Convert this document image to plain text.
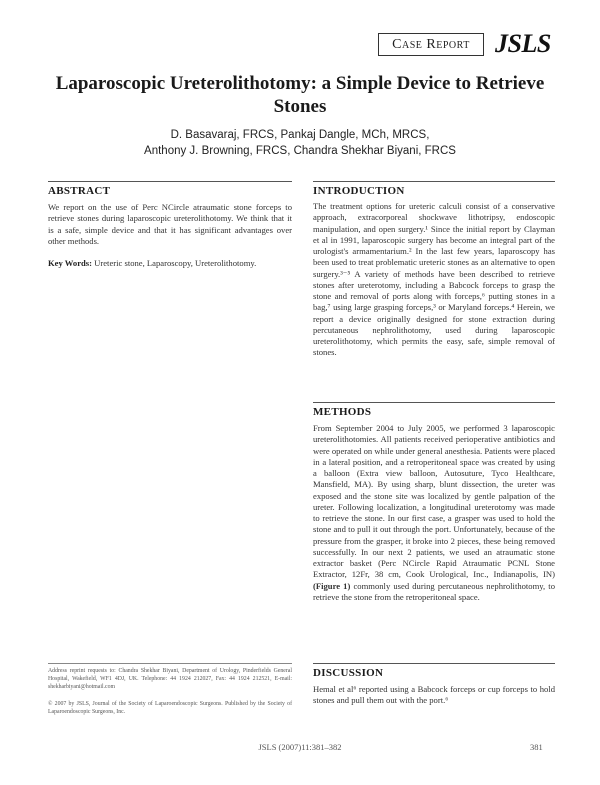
Case Report JSLS
Laparoscopic Ureterolithotomy: a Simple Device to Retrieve Stones
D. Basavaraj, FRCS, Pankaj Dangle, MCh, MRCS,
Anthony J. Browning, FRCS, Chandra Shekhar Biyani, FRCS
ABSTRACT
We report on the use of Perc NCircle atraumatic stone forceps to retrieve stones during laparoscopic ureterolithotomy. We think that it is a safe, simple device and that it has significant advantages over other methods.
Key Words: Ureteric stone, Laparoscopy, Ureterolithotomy.
Address reprint requests to: Chandra Shekhar Biyani, Department of Urology, Pinderfields General Hospital, Wakefield, WF1 4DJ, UK. Telephone: 44 1924 212027, Fax: 44 1924 212521, E-mail: shekharbiyani@hotmail.com
© 2007 by JSLS, Journal of the Society of Laparoendoscopic Surgeons. Published by the Society of Laparoendoscopic Surgeons, Inc.
INTRODUCTION
The treatment options for ureteric calculi consist of a conservative approach, extracorporeal shockwave lithotripsy, endoscopic manipulation, and open surgery.¹ Since the initial report by Clayman et al in 1991, laparoscopic surgery has become an integral part of the urologist's armamentarium.² In the last few years, laparoscopy has been used to treat problematic ureteric stones as an alternative to open surgery.³⁻⁵ A variety of methods have been described to retrieve stones after ureterotomy, including a Babcock forceps to grasp the stone and removal of ports along with forceps,⁶ putting stones in a bag,⁷ using large grasping forceps,³ or Maryland forceps.⁴ Herein, we report a device originally designed for stone extraction during percutaneous nephrolithotomy, used during laparoscopic ureterolithotomy, which permits the easy, safe, simple removal of stones.
METHODS
From September 2004 to July 2005, we performed 3 laparoscopic ureterolithotomies. All patients received perioperative antibiotics and were operated on while under general anesthesia. Patients were placed in a lateral position, and a retroperitoneal space was created by using a balloon (Extra view balloon, Autosuture, Tyco Healthcare, Mansfield, MA). By using sharp, blunt dissection, the ureter was exposed and the stone site was localized by gentle palpation of the ureter. Following localization, a longitudinal ureterotomy was made to retrieve the stone. In our first case, a grasper was used to hold the stone and to pull it out through the port. Unfortunately, because of the pressure from the grasper, it broke into 2 pieces, these being removed successfully. In our next 2 patients, we used an atraumatic stone extractor basket (Perc NCircle Rapid Atraumatic PCNL Stone Extractor, 12Fr, 38 cm, Cook Urological, Inc., Indianapolis, IN) (Figure 1) commonly used during percutaneous nephrolithotomy, to retrieve the stone from the retroperitoneal space.
DISCUSSION
Hemal et al⁶ reported using a Babcock forceps or cup forceps to hold stones and pull them out with the port.⁶
JSLS (2007)11:381–382	381
